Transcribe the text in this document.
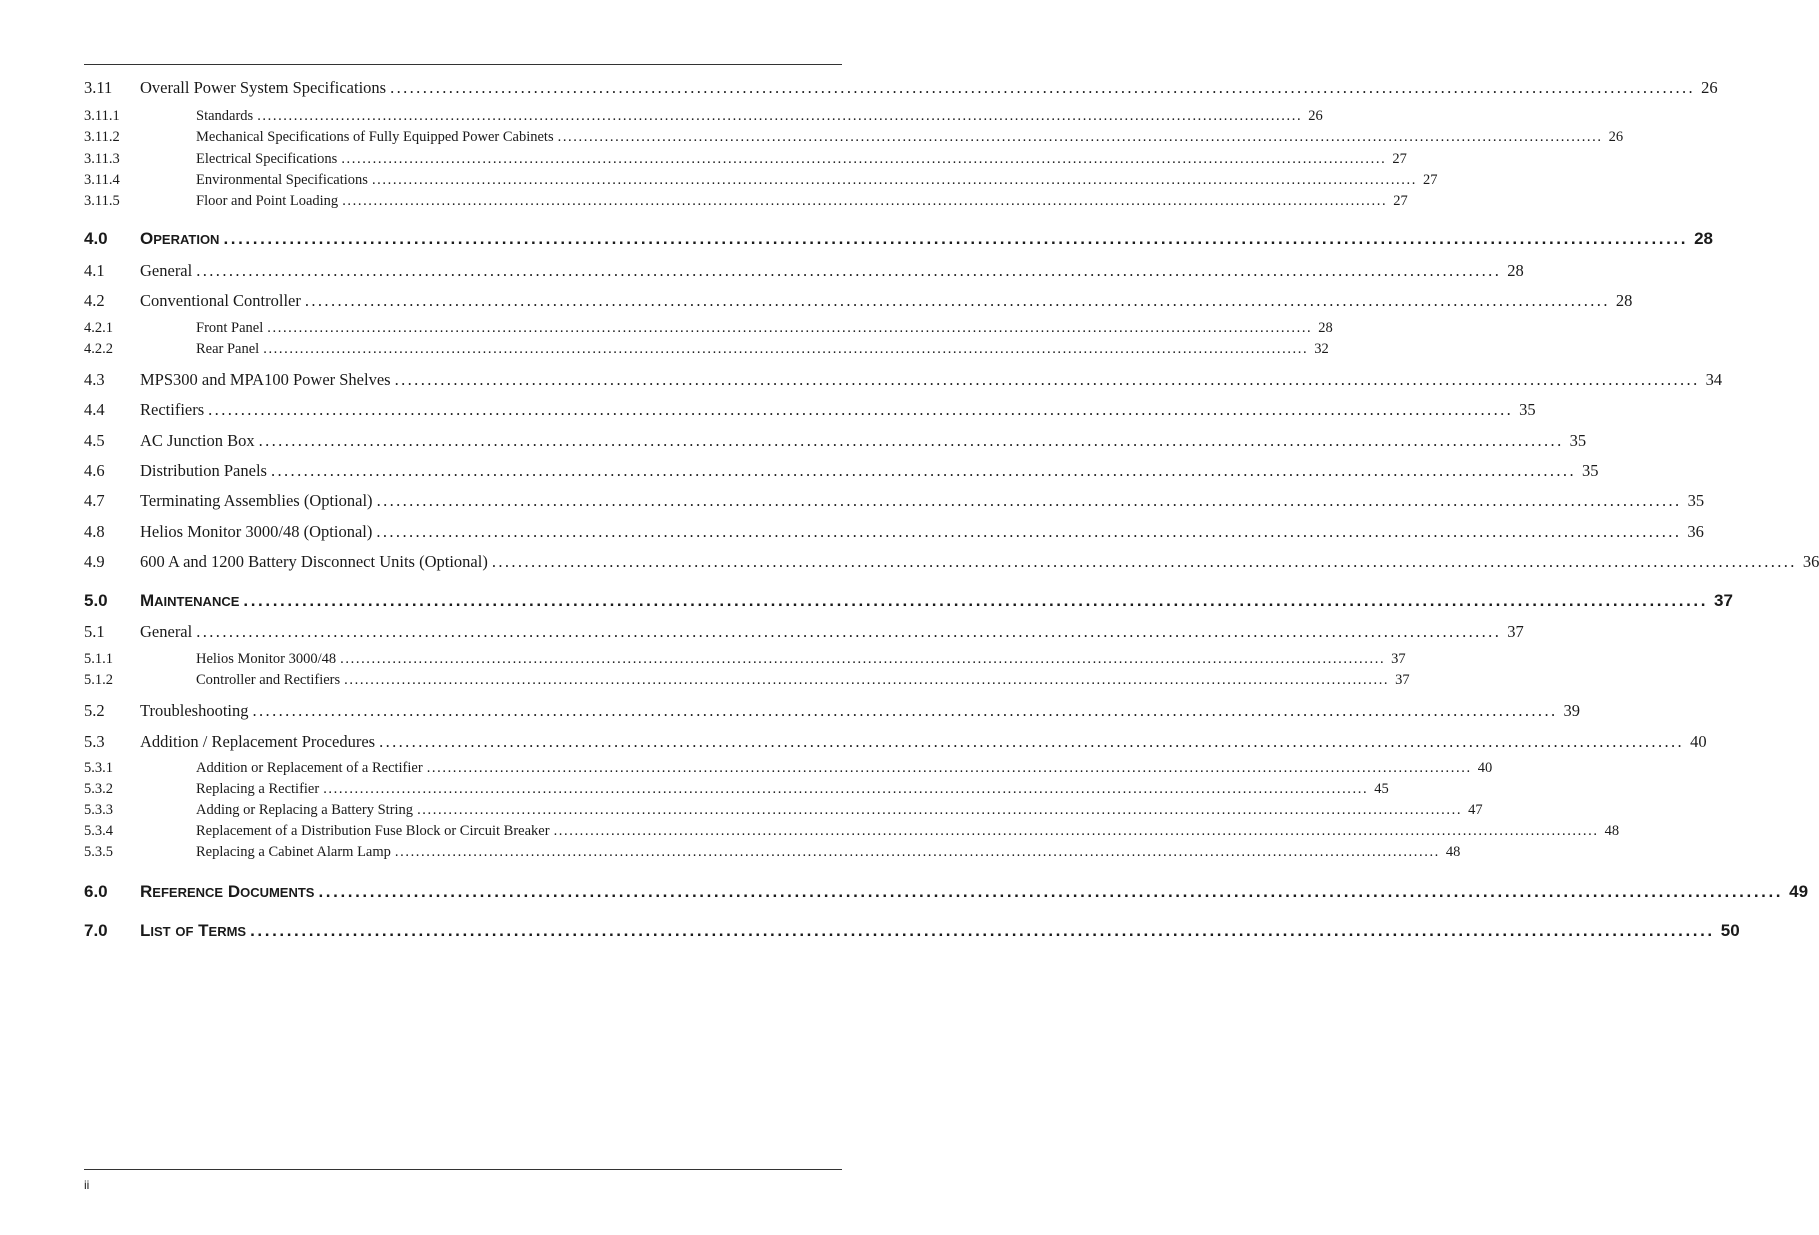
3.11 Overall Power System Specifications ........................................................................................................................................................................................................ 26
3.11.1	Standards ........................................................................................................................................................................................................ 26
3.11.2	Mechanical Specifications of Fully Equipped Power Cabinets ........................................................................................................................................................................................................ 26
3.11.3	Electrical Specifications ........................................................................................................................................................................................................ 27
3.11.4	Environmental Specifications ........................................................................................................................................................................................................ 27
3.11.5	Floor and Point Loading ........................................................................................................................................................................................................ 27
4.0 OPERATION ........................................................................................................................................................................................................ 28
4.1 General ........................................................................................................................................................................................................ 28
4.2 Conventional Controller ........................................................................................................................................................................................................ 28
4.2.1	Front Panel ........................................................................................................................................................................................................ 28
4.2.2	Rear Panel ........................................................................................................................................................................................................ 32
4.3 MPS300 and MPA100 Power Shelves ........................................................................................................................................................................................................ 34
4.4 Rectifiers ........................................................................................................................................................................................................ 35
4.5 AC Junction Box ........................................................................................................................................................................................................ 35
4.6 Distribution Panels ........................................................................................................................................................................................................ 35
4.7 Terminating Assemblies (Optional) ........................................................................................................................................................................................................ 35
4.8 Helios Monitor 3000/48 (Optional) ........................................................................................................................................................................................................ 36
4.9 600 A and 1200 Battery Disconnect Units (Optional) ........................................................................................................................................................................................................ 36
5.0 MAINTENANCE ........................................................................................................................................................................................................ 37
5.1 General ........................................................................................................................................................................................................ 37
5.1.1	Helios Monitor 3000/48 ........................................................................................................................................................................................................ 37
5.1.2	Controller and Rectifiers ........................................................................................................................................................................................................ 37
5.2 Troubleshooting ........................................................................................................................................................................................................ 39
5.3 Addition / Replacement Procedures ........................................................................................................................................................................................................ 40
5.3.1	Addition or Replacement of a Rectifier ........................................................................................................................................................................................................ 40
5.3.2	Replacing a Rectifier ........................................................................................................................................................................................................ 45
5.3.3	Adding or Replacing a Battery String ........................................................................................................................................................................................................ 47
5.3.4	Replacement of a Distribution Fuse Block or Circuit Breaker ........................................................................................................................................................................................................ 48
5.3.5	Replacing a Cabinet Alarm Lamp ........................................................................................................................................................................................................ 48
6.0 REFERENCE DOCUMENTS ........................................................................................................................................................................................................ 49
7.0 LIST OF TERMS ........................................................................................................................................................................................................ 50
ii
